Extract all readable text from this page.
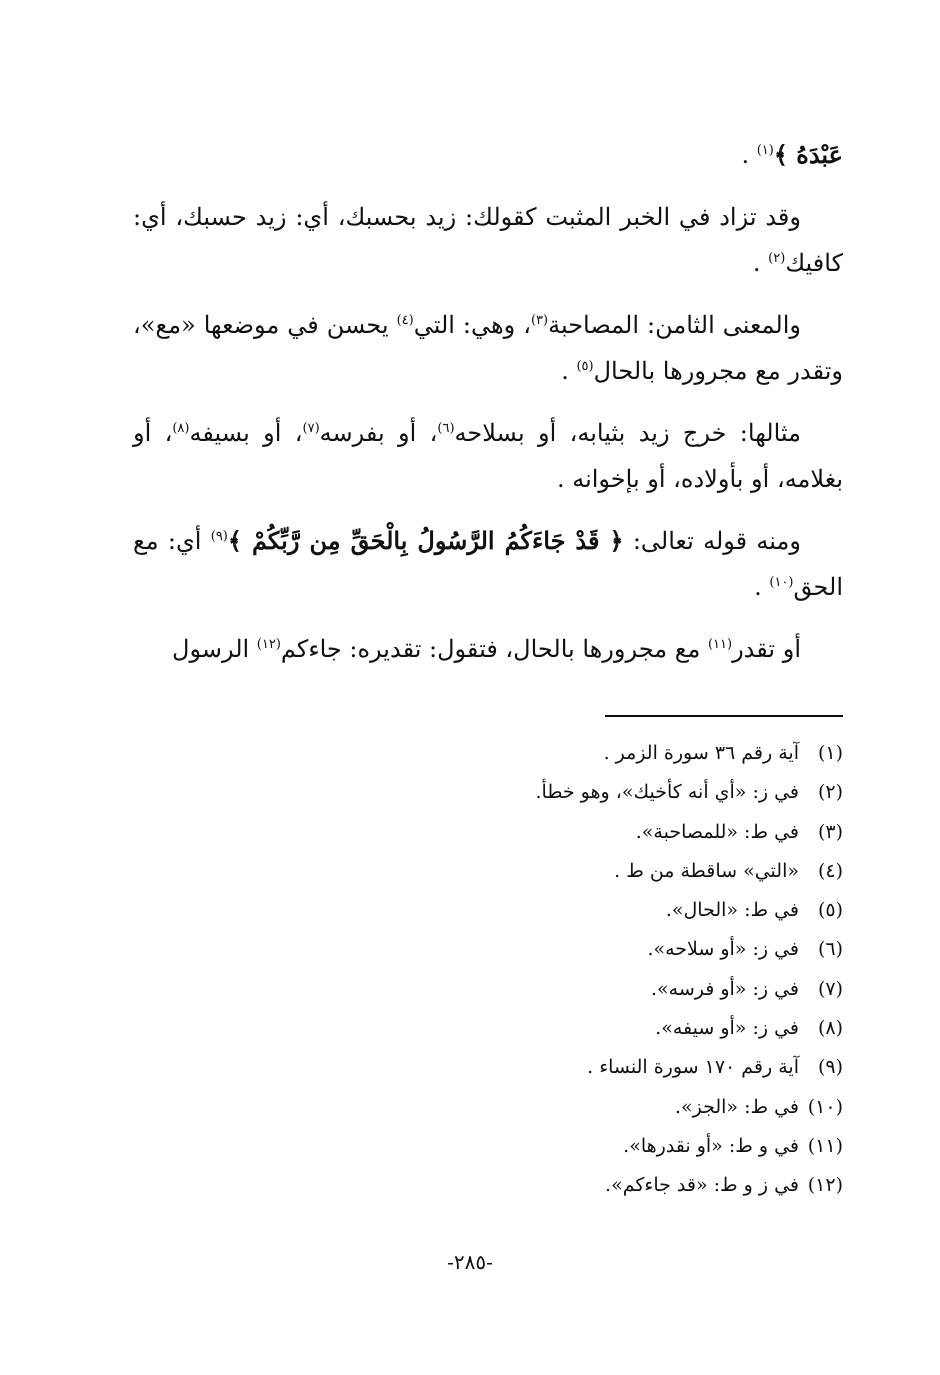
عَبْدَهُ ﴾$^{(١)}$ .

وقد تزاد في الخبر المثبت كقولك: زيد بحسبك، أي: زيد حسبك، أي: كافيك$^{(٢)}$ .

والمعنى الثامن: المصاحبة$^{(٣)}$، وهي: التي$^{(٤)}$ يحسن في موضعها «مع»، وتقدر مع مجرورها بالحال$^{(٥)}$ .

مثالها: خرج زيد بثيابه، أو بسلاحه$^{(٦)}$، أو بفرسه$^{(٧)}$، أو بسيفه$^{(٨)}$، أو بغلامه، أو بأولاده، أو بإخوانه .

ومنه قوله تعالى: ﴿ قَدْ جَاءَكُمُ الرَّسُولُ بِالْحَقِّ مِن رَّبِّكُمْ ﴾$^{(٩)}$ أي: مع الحق$^{(١٠)}$ .

أو تقدر$^{(١١)}$ مع مجرورها بالحال، فتقول: تقديره: جاءكم$^{(١٢)}$ الرسول

(١)آية رقم ٣٦ سورة الزمر .
(٢)في ز: «أي أنه كأخيك»، وهو خطأ.
(٣)في ط: «للمصاحبة».
(٤)«التي» ساقطة من ط .
(٥)في ط: «الحال».
(٦)في ز: «أو سلاحه».
(٧)في ز: «أو فرسه».
(٨)في ز: «أو سيفه».
(٩)آية رقم ١٧٠ سورة النساء .
(١٠)في ط: «الجز».
(١١)في و ط: «أو نقدرها».
(١٢)في ز و ط: «قد جاءكم».
-٢٨٥-
